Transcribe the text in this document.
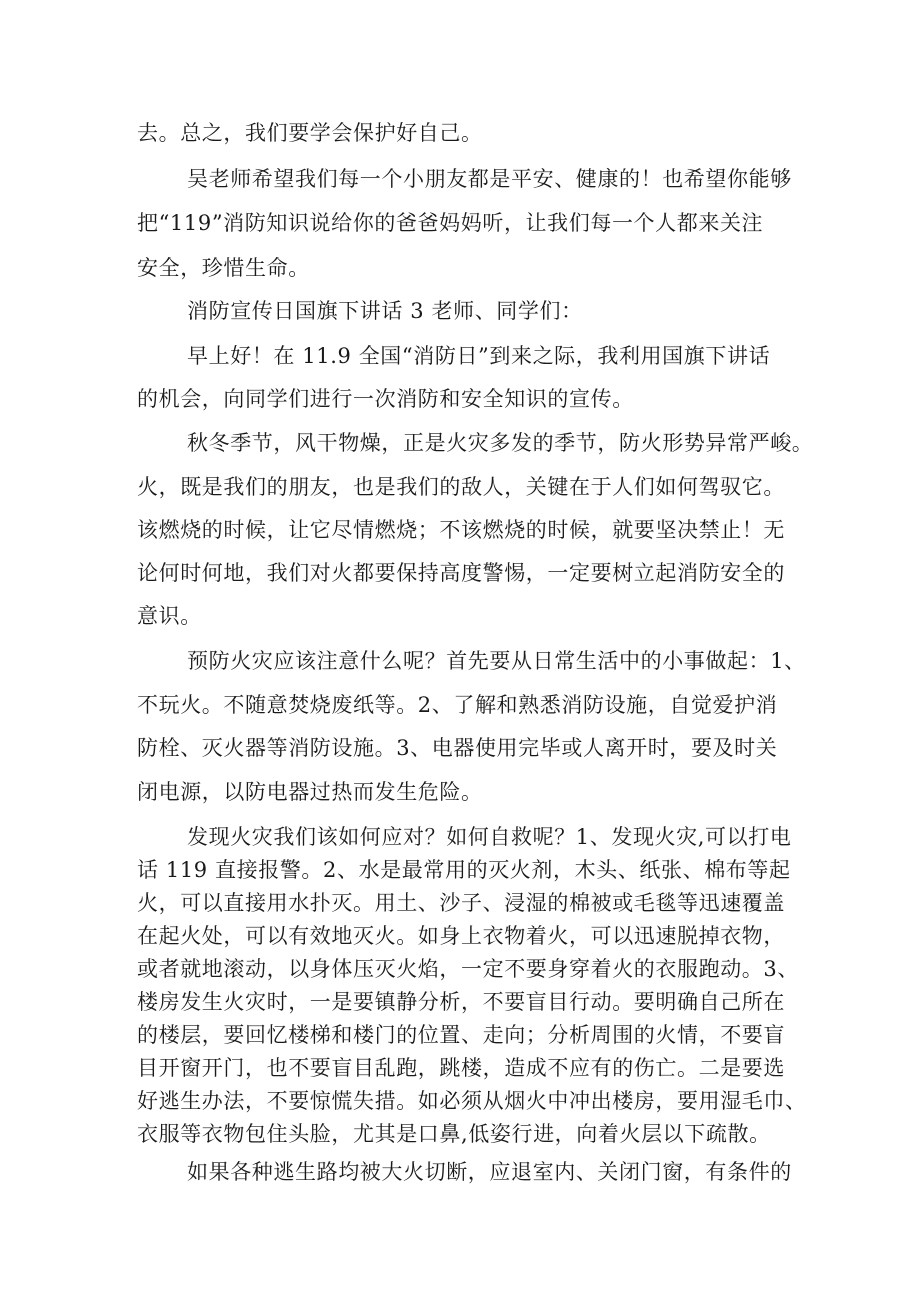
去。总之，我们要学会保护好自己。
吴老师希望我们每一个小朋友都是平安、健康的！也希望你能够
把“119”消防知识说给你的爸爸妈妈听，让我们每一个人都来关注
安全，珍惜生命。
消防宣传日国旗下讲话 3 老师、同学们：
早上好！在 11.9 全国“消防日”到来之际，我利用国旗下讲话
的机会，向同学们进行一次消防和安全知识的宣传。
秋冬季节，风干物燥，正是火灾多发的季节，防火形势异常严峻。
火，既是我们的朋友，也是我们的敌人，关键在于人们如何驾驭它。
该燃烧的时候，让它尽情燃烧；不该燃烧的时候，就要坚决禁止！无
论何时何地，我们对火都要保持高度警惕，一定要树立起消防安全的
意识。
预防火灾应该注意什么呢？首先要从日常生活中的小事做起：1、
不玩火。不随意焚烧废纸等。2、了解和熟悉消防设施，自觉爱护消
防栓、灭火器等消防设施。3、电器使用完毕或人离开时，要及时关
闭电源，以防电器过热而发生危险。
发现火灾我们该如何应对？如何自救呢？1、发现火灾,可以打电
话 119 直接报警。2、水是最常用的灭火剂，木头、纸张、棉布等起
火，可以直接用水扑灭。用土、沙子、浸湿的棉被或毛毯等迅速覆盖
在起火处，可以有效地灭火。如身上衣物着火，可以迅速脱掉衣物，
或者就地滚动，以身体压灭火焰，一定不要身穿着火的衣服跑动。3、
楼房发生火灾时，一是要镇静分析，不要盲目行动。要明确自己所在
的楼层，要回忆楼梯和楼门的位置、走向；分析周围的火情，不要盲
目开窗开门，也不要盲目乱跑，跳楼，造成不应有的伤亡。二是要选
好逃生办法，不要惊慌失措。如必须从烟火中冲出楼房，要用湿毛巾、
衣服等衣物包住头脸，尤其是口鼻,低姿行进，向着火层以下疏散。
如果各种逃生路均被大火切断，应退室内、关闭门窗，有条件的
